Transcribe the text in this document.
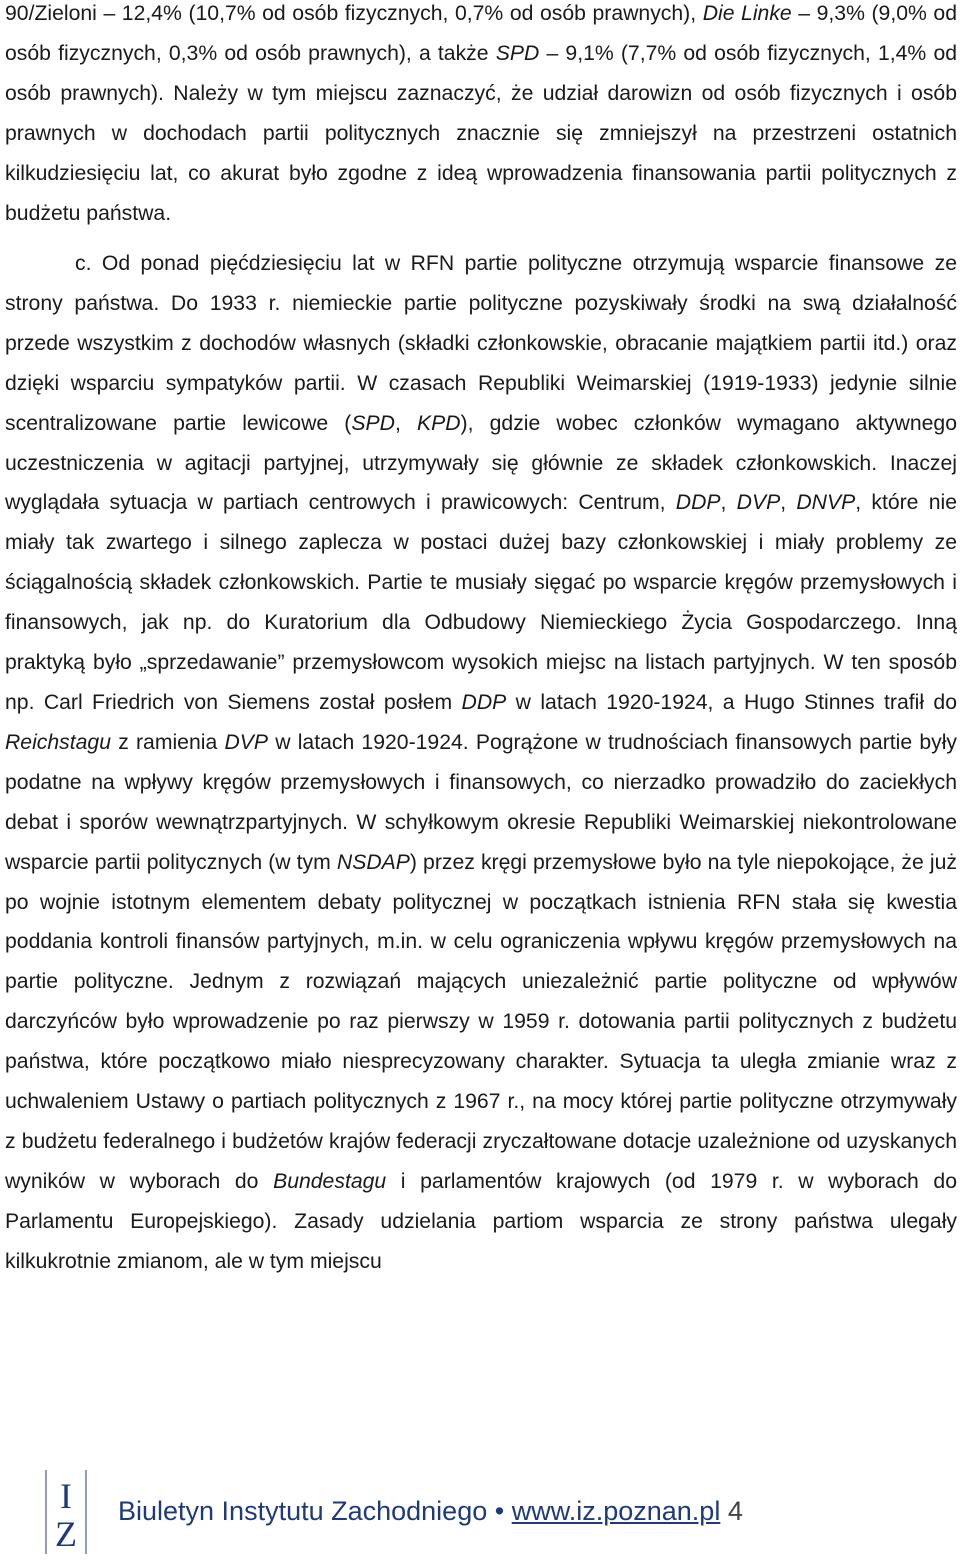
90/Zieloni – 12,4% (10,7% od osób fizycznych, 0,7% od osób prawnych), Die Linke – 9,3% (9,0% od osób fizycznych, 0,3% od osób prawnych), a także SPD – 9,1% (7,7% od osób fizycznych, 1,4% od osób prawnych). Należy w tym miejscu zaznaczyć, że udział darowizn od osób fizycznych i osób prawnych w dochodach partii politycznych znacznie się zmniejszył na przestrzeni ostatnich kilkudziesięciu lat, co akurat było zgodne z ideą wprowadzenia finansowania partii politycznych z budżetu państwa.

c. Od ponad pięćdziesięciu lat w RFN partie polityczne otrzymują wsparcie finansowe ze strony państwa. Do 1933 r. niemieckie partie polityczne pozyskiwały środki na swą działalność przede wszystkim z dochodów własnych (składki członkowskie, obracanie majątkiem partii itd.) oraz dzięki wsparciu sympatyków partii. W czasach Republiki Weimarskiej (1919-1933) jedynie silnie scentralizowane partie lewicowe (SPD, KPD), gdzie wobec członków wymagano aktywnego uczestniczenia w agitacji partyjnej, utrzymywały się głównie ze składek członkowskich. Inaczej wyglądała sytuacja w partiach centrowych i prawicowych: Centrum, DDP, DVP, DNVP, które nie miały tak zwartego i silnego zaplecza w postaci dużej bazy członkowskiej i miały problemy ze ściągalnością składek członkowskich. Partie te musiały sięgać po wsparcie kręgów przemysłowych i finansowych, jak np. do Kuratorium dla Odbudowy Niemieckiego Życia Gospodarczego. Inną praktyką było „sprzedawanie” przemysłowcom wysokich miejsc na listach partyjnych. W ten sposób np. Carl Friedrich von Siemens został posłem DDP w latach 1920-1924, a Hugo Stinnes trafił do Reichstagu z ramienia DVP w latach 1920-1924. Pogrążone w trudnościach finansowych partie były podatne na wpływy kręgów przemysłowych i finansowych, co nierzadko prowadziło do zaciekłych debat i sporów wewnątrzpartyjnych. W schyłkowym okresie Republiki Weimarskiej niekontrolowane wsparcie partii politycznych (w tym NSDAP) przez kręgi przemysłowe było na tyle niepokojące, że już po wojnie istotnym elementem debaty politycznej w początkach istnienia RFN stała się kwestia poddania kontroli finansów partyjnych, m.in. w celu ograniczenia wpływu kręgów przemysłowych na partie polityczne. Jednym z rozwiązań mających uniezależnić partie polityczne od wpływów darczyńców było wprowadzenie po raz pierwszy w 1959 r. dotowania partii politycznych z budżetu państwa, które początkowo miało niesprecyzowany charakter. Sytuacja ta uległa zmianie wraz z uchwaleniem Ustawy o partiach politycznych z 1967 r., na mocy której partie polityczne otrzymywały z budżetu federalnego i budżetów krajów federacji zryczałtowane dotacje uzależnione od uzyskanych wyników w wyborach do Bundestagu i parlamentów krajowych (od 1979 r. w wyborach do Parlamentu Europejskiego). Zasady udzielania partiom wsparcia ze strony państwa ulegały kilkukrotnie zmianom, ale w tym miejscu

I
Z
Biuletyn Instytutu Zachodniego • www.iz.poznan.pl 4
